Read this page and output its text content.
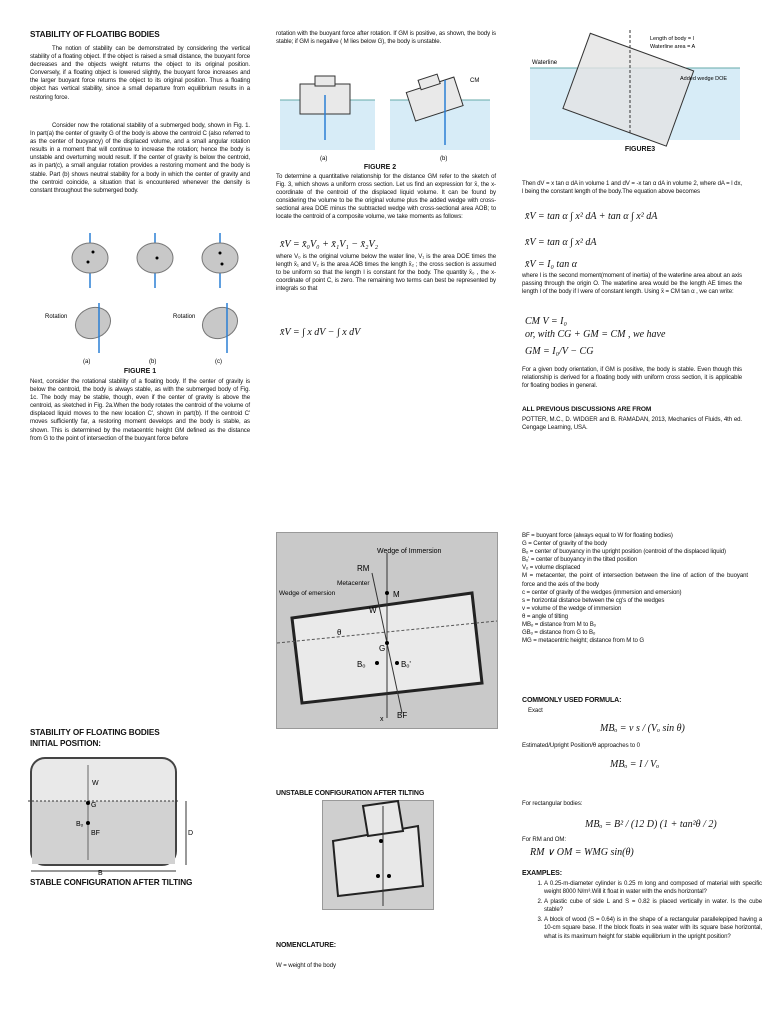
STABILITY OF FLOATIBG BODIES
The notion of stability can be demonstrated by considering the vertical stability of a floating object. If the object is raised a small distance, the buoyant force decreases and the objects weight returns the object to its original position. Conversely, if a floating object is lowered slightly, the buoyant force increases and the larger buoyant force returns the object to its original position. Thus a floating object has vertical stability, since a small departure from equilibrium results in a restoring force.
Consider now the rotational stability of a submerged body, shown in Fig. 1. In part(a) the center of gravity G of the body is above the centroid C (also referred to as the center of buoyancy) of the displaced volume, and a small angular rotation results in a moment that will continue to increase the rotation; hence the body is unstable and overturning would result. If the center of gravity is below the centroid, as in part(c), a small angular rotation provides a restoring moment and the body is stable. Part (b) shows neutral stability for a body in which the center of gravity and the centroid coincide, a situation that is encountered whenever the density is constant throughout the submerged body.
Rotation	Rotation
(a)	(b)	(c)
FIGURE 1
Next, consider the rotational stability of a floating body. If the center of gravity is below the centroid, the body is always stable, as with the submerged body of Fig. 1c. The body may be stable, though, even if the center of gravity is above the centroid, as sketched in Fig. 2a.When the body rotates the centroid of the volume of displaced liquid moves to the new location C', shown in part(b). If the centroid C' moves sufficiently far, a restoring moment develops and the body is stable, as shown. This is determined by the metacentric height GM defined as the distance from G to the point of intersection of the buoyant force before
rotation with the buoyant force after rotation. If GM is positive, as shown, the body is stable; if GM is negative ( M lies below G), the body is unstable.
CM
(a)	(b)
FIGURE 2
To determine a quantitative relationship for the distance GM refer to the sketch of Fig. 3, which shows a uniform cross section. Let us find an expression for x̄, the x-coordinate of the centroid of the displaced liquid volume. It can be found by considering the volume to be the original volume plus the added wedge with cross-sectional area DOE minus the subtracted wedge with cross-sectional area AOB; to locate the centroid of a composite volume, we take moments as follows:
x̄V = x̄₀V₀ + x̄₁V₁ − x̄₂V₂
where V₀ is the original volume below the water line, V₁ is the area DOE times the length x̄₁ and V₂ is the area AOB times the length x̄₂ ; the cross section is assumed to be uniform so that the length l is constant for the body. The quantity x̄₀ , the x-coordinate of point C, is zero. The remaining two terms can best be represented by integrals so that
x̄V = ∫ x dV − ∫ x dV
Waterline
Length of body = l
Waterline area = A
Added wedge DOE
FIGURE3
Then dV = x tan α dA in volume 1 and dV = -x tan α dA in volume 2, where dA = l dx, l being the constant length of the body.The equation above becomes
x̄V = tan α ∫ x² dA + tan α ∫ x² dA
x̄V = tan α ∫ x² dA
x̄V = I₀ tan α
where I is the second moment(moment of inertia) of the waterline area about an axis passing through the origin O. The waterline area would be the length AE times the length l of the body if l were of constant length. Using x̄ = CM tan α , we can write:
CM V = I₀
or, with CG + GM = CM , we have
GM = I₀/V − CG
For a given body orientation, if GM is positive, the body is stable. Even though this relationship is derived for a floating body with uniform cross section, it is applicable for floating bodies in general.
ALL PREVIOUS DISCUSSIONS ARE FROM
POTTER, M.C., D. WIDGER and B. RAMADAN, 2013, Mechanics of Fluids, 4th ed. Cengage Learning, USA.
STABILITY OF FLOATING BODIES
INITIAL POSITION:
W
G
Bₒ
BF	D
B
STABLE CONFIGURATION AFTER TILTING
Wedge of Immersion
RM
Metacenter
Wedge of emersion	M
W
G
Bₒ	Bₒ'
BF
x
θ
UNSTABLE CONFIGURATION AFTER TILTING
NOMENCLATURE:
W = weight of the body
BF = buoyant force (always equal to W for floating bodies)
G = Center of gravity of the body
Bₒ = center of buoyancy in the upright position (centroid of the displaced liquid)
Bₒ' = center of buoyancy in the tilted position
Vₒ = volume displaced
M = metacenter, the point of intersection between the line of action of the buoyant force and the axis of the body
c = center of gravity of the wedges (immersion and emersion)
s = horizontal distance between the cg's of the wedges
v = volume of the wedge of immersion
θ = angle of tilting
MBₒ = distance from M to Bₒ
GBₒ = distance from G to Bₒ
MG = metacentric height; distance from M to G
COMMONLY USED FORMULA:
Exact
MBₒ = v s / (Vₒ sin θ)
Estimated/Upright Position/θ approaches to 0
MBₒ = I / Vₒ
For rectangular bodies:
MBₒ = B² / (12 D) (1 + tan²θ / 2)
For RM and OM:
RM ∨ OM = WMG sin(θ)
EXAMPLES:
1. A 0.25-m-diameter cylinder is 0.25 m long and composed of material with specific weight 8000 N/m³.Will it float in water with the ends horizontal?
2. A plastic cube of side L and S = 0.82 is placed vertically in water. Is the cube stable?
3. A block of wood (S = 0.64) is in the shape of a rectangular parallelepiped having a 10-cm square base. If the block floats in sea water with its square base horizontal, what is its maximum height for stable equilibrium in the upright position?
